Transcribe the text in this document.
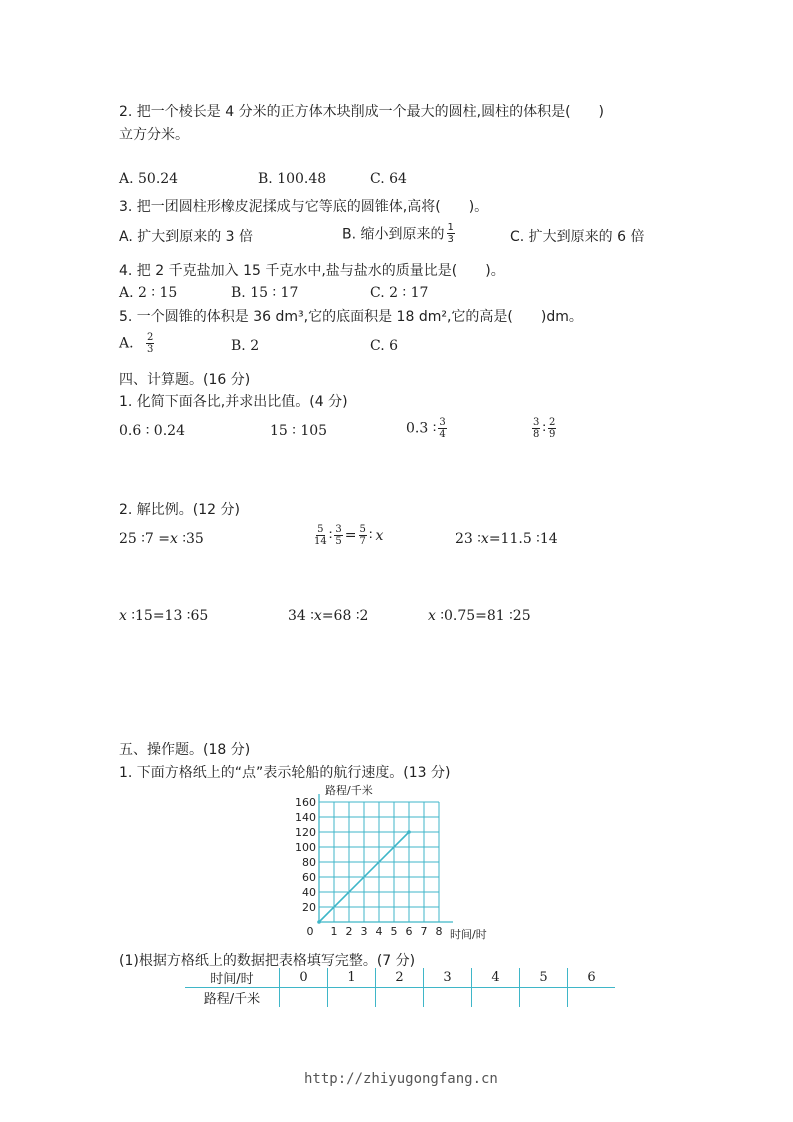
2. 把一个棱长是 4 分米的正方体木块削成一个最大的圆柱,圆柱的体积是(　　)
立方分米。
A. 50.24	B. 100.48	C. 64
3. 把一团圆柱形橡皮泥揉成与它等底的圆锥体,高将(　　)。
A. 扩大到原来的 3 倍	B. 缩小到原来的 $\frac{1}{3}$	C. 扩大到原来的 6 倍
4. 把 2 千克盐加入 15 千克水中,盐与盐水的质量比是(　　)。
A. 2 ∶ 15	B. 15 ∶ 17	C. 2 ∶ 17
5. 一个圆锥的体积是 36 dm³,它的底面积是 18 dm²,它的高是(　　)dm。
A. $\frac{2}{3}$	B. 2	C. 6
四、计算题。(16 分)
1. 化简下面各比,并求出比值。(4 分)
0.6 ∶ 0.24	15 ∶ 105	0.3 ∶ $\frac{3}{4}$	$\frac{3}{8}$ ∶ $\frac{2}{9}$
2. 解比例。(12 分)
25 ∶7 =x ∶35	$\frac{5}{14}$ ∶ $\frac{3}{5} = \frac{5}{7}$ ∶ x	23 ∶x=11.5 ∶14
x ∶15=13 ∶65	34 ∶x=68 ∶2	x ∶0.75=81 ∶25
五、操作题。(18 分)
1. 下面方格纸上的“点”表示轮船的航行速度。(13 分)
20
40
60
80
100
120
140
160
0 1 2 3 4 5 6 7 8
路程/千米
时间/时
(1)根据方格纸上的数据把表格填写完整。(7 分)
时间/时	0	1	2	3	4	5	6
路程/千米							
http://zhiyugongfang.cn
